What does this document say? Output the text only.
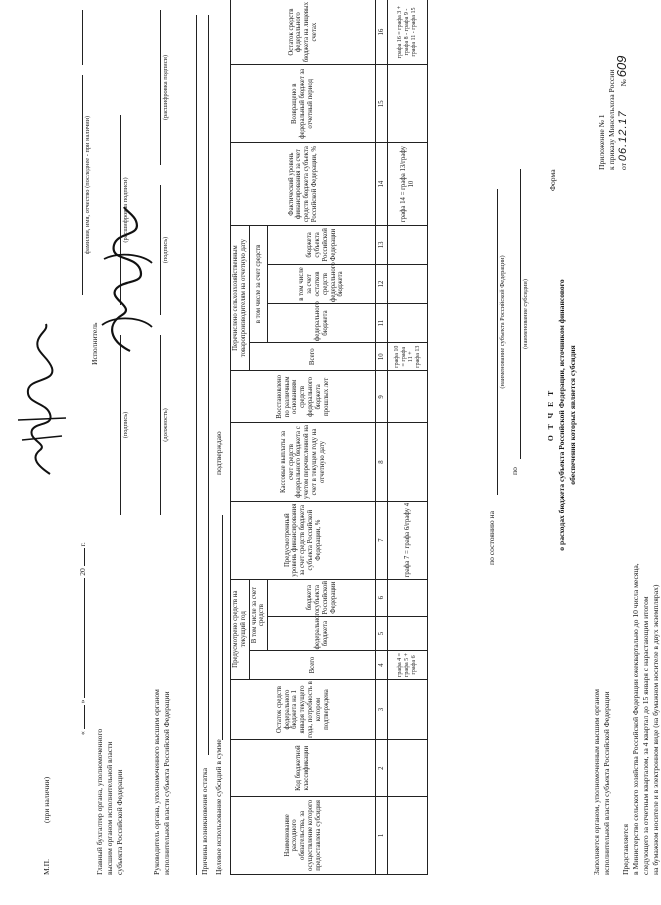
Заполняется органом, уполномоченным высшим органом исполнительной власти субъекта Российской Федерации Представляется в Министерство сельского хозяйства Российской Федерации ежеквартально до 10 числа месяца, следующего за отчетным кварталом, за 4 квартал до 15 января с нарастающим итогом на бумажном носителе и в электронном виде (на бумажном носителе в двух экземплярах)
Приложение № 1 к приказу Минсельхоза России от 06.12.17  № 609
Форма
О Т Ч Е Т о расходах бюджета субъекта Российской Федерации, источником финансового обеспечения которых является субсидия
по
(наименование субсидии)
по состоянию на
(наименование субъекта Российской Федерации)
Наименование расходного обязательства, за осуществление которого предоставлена субсидия	Код бюджетной классификации	Остаток средств федерального бюджета на 1 января текущего года, потребность в котором подтверждена	Предусмотрено средств на текущий год			Предусмотренный уровень финансирования за счет средств бюджета субъекта Российской Федерации, %	Кассовые выплаты за счет средств федерального бюджета с учетом перечисленной на счет в текущем году на отчетную дату	Восстановлено по различным основаниям средств федерального бюджета прошлых лет	Перечислено сельхозхозяйственным товаропроизводителям на отчетную дату				Фактический уровень финансирования за счет средств бюджета субъекта Российской Федерации, %	Возвращено в федеральный бюджет за отчетный период	Остаток средств федерального бюджета на лицевых счетах
			Всего	В том числе за счет средств					Всего	в том числе за счет средств					
				федерального бюджета	бюджета субъекта Российской Федерации					федерального бюджета	в том числе за счет остатков средств федерального бюджета	бюджета субъекта Российской Федерации			
1	2	3	4	5	6	7	8	9	10	11	12	13	14	15	16
			графа 4 = графа 5 + графа 6			графа 7 = графа 6/графу 4			графа 10 = графа 11 + графа 13				графа 14 = графа 13/графу 10		графа 16 = графа 3 + графа 8 - графа 9 - графа 11 - графа 15
Целевое использование субсидий в сумме
подтверждаю
Причины возникновения остатка
Руководитель органа, уполномоченного высшим органом исполнительной власти субъекта Российской Федерации
(должность)
(подпись)
(расшифровка подписи)
Главный бухгалтер органа, уполномоченного высшим органом исполнительной власти субъекта Российской Федерации
(подпись)
(расшифровка подписи)
Исполнитель
фамилия, имя, отчество (последнее - при наличии)
«  »  20  г.
М.П. (при наличии)
